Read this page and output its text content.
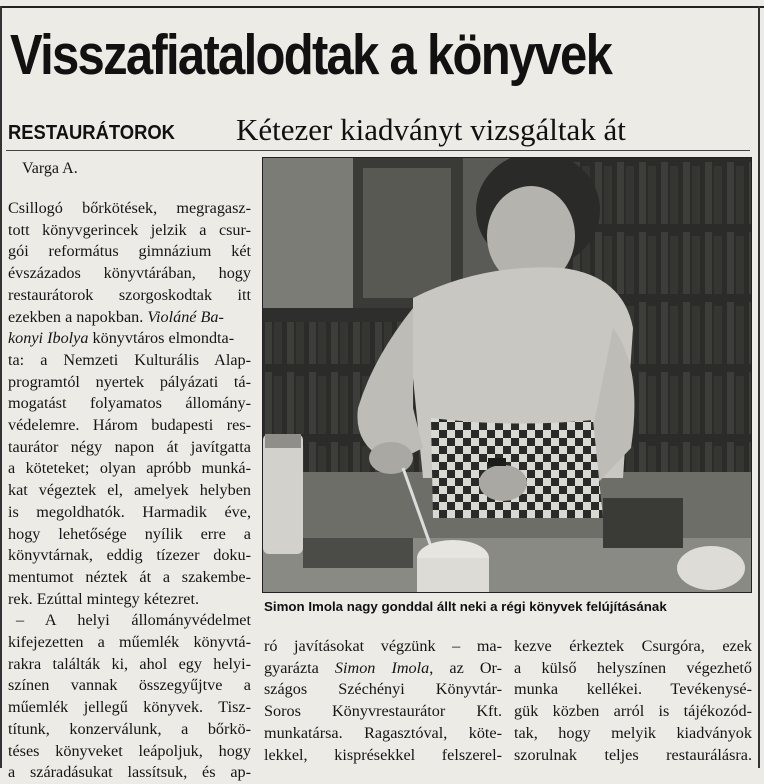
Visszafiatalodtak a könyvek
RESTAURÁTOROK Kétezer kiadványt vizsgáltak át
Varga A.
Csillogó bőrkötések, megragasz-
tott könyvgerincek jelzik a csur-
gói református gimnázium két
évszázados könyvtárában, hogy
restaurátorok szorgoskodtak itt
ezekben a napokban. Violáné Ba-
konyi Ibolya könyvtáros elmondta-
ta: a Nemzeti Kulturális Alap-
programtól nyertek pályázati tá-
mogatást folyamatos állomány-
védelemre. Három budapesti res-
taurátor négy napon át javítgatta
a köteteket; olyan apróbb munká-
kat végeztek el, amelyek helyben
is megoldhatók. Harmadik éve,
hogy lehetősége nyílik erre a
könyvtárnak, eddig tízezer doku-
mentumot néztek át a szakembe-
rek. Ezúttal mintegy kétezret.
– A helyi állományvédelmet
kifejezetten a műemlék könyvtá-
rakra találták ki, ahol egy helyi-
színen vannak összegyűjtve a
műemlék jellegű könyvek. Tisz-
títunk, konzerválunk, a bőrkö-
téses könyveket leápoljuk, hogy
a száradásukat lassítsuk, és ap-
Simon Imola nagy gonddal állt neki a régi könyvek felújításának
ró javításokat végzünk – ma-
gyarázta Simon Imola, az Or-
szágos Széchényi Könyvtár-
Soros Könyvrestaurátor Kft.
munkatársa. Ragasztóval, köte-
lekkel, kisprésekkel felszerel-
kezve érkeztek Csurgóra, ezek
a külső helyszínen végezhető
munka kellékei. Tevékenysé-
gük közben arról is tájékozód-
tak, hogy melyik kiadványok
szorulnak teljes restaurálásra.
